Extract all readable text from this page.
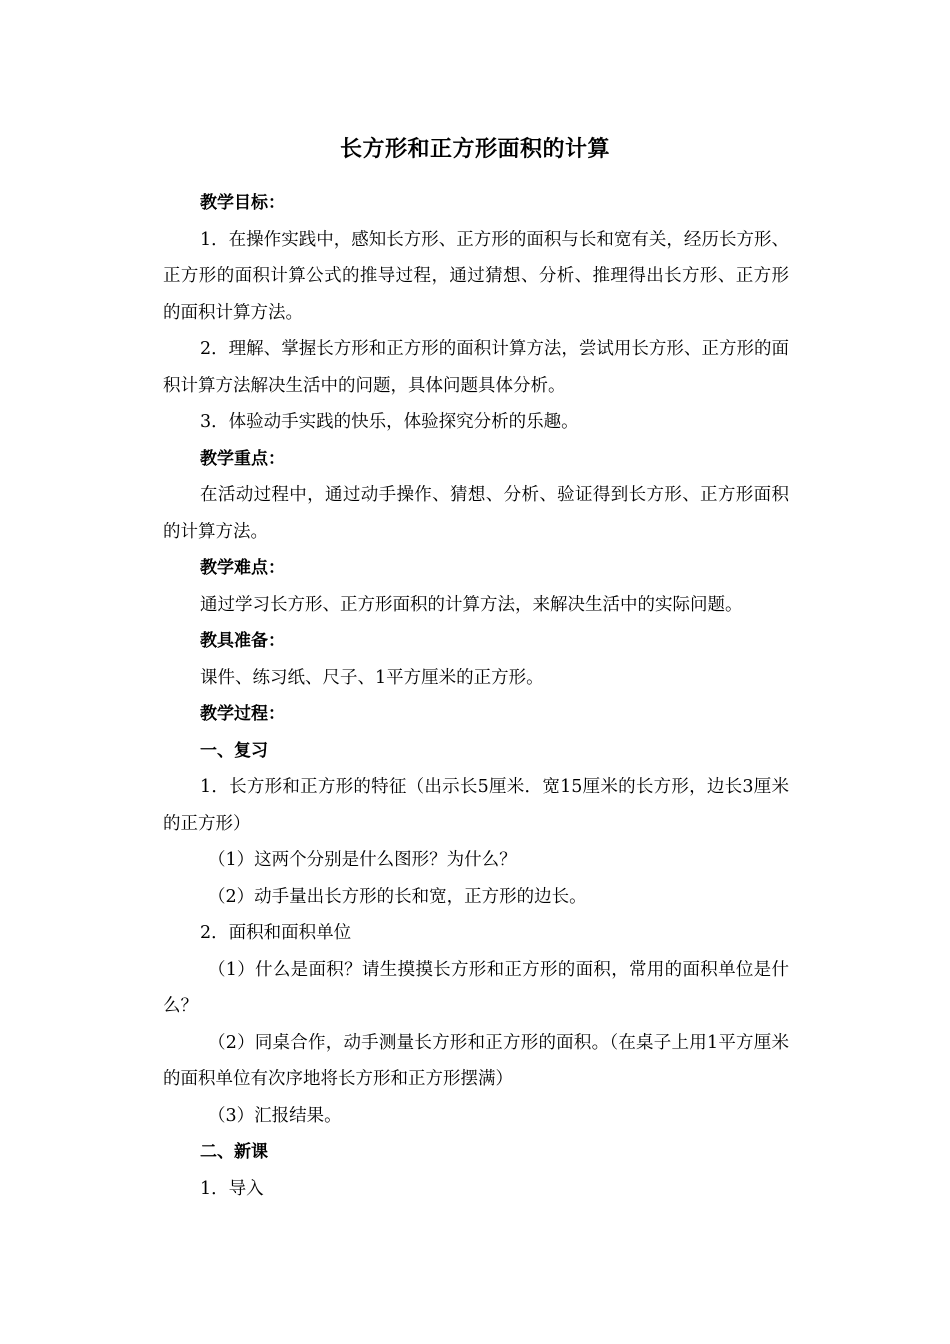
长方形和正方形面积的计算

教学目标：

1．在操作实践中，感知长方形、正方形的面积与长和宽有关，经历长方形、正方形的面积计算公式的推导过程，通过猜想、分析、推理得出长方形、正方形的面积计算方法。

2．理解、掌握长方形和正方形的面积计算方法，尝试用长方形、正方形的面积计算方法解决生活中的问题，具体问题具体分析。

3．体验动手实践的快乐，体验探究分析的乐趣。

教学重点：

在活动过程中，通过动手操作、猜想、分析、验证得到长方形、正方形面积的计算方法。

教学难点：

通过学习长方形、正方形面积的计算方法，来解决生活中的实际问题。

教具准备：

课件、练习纸、尺子、1平方厘米的正方形。

教学过程：

一、复习

1．长方形和正方形的特征（出示长5厘米．宽15厘米的长方形，边长3厘米的正方形）

（1）这两个分别是什么图形？为什么？

（2）动手量出长方形的长和宽，正方形的边长。

2．面积和面积单位

（1）什么是面积？请生摸摸长方形和正方形的面积，常用的面积单位是什么？

（2）同桌合作，动手测量长方形和正方形的面积。（在桌子上用1平方厘米的面积单位有次序地将长方形和正方形摆满）

（3）汇报结果。

二、新课

1．导入
